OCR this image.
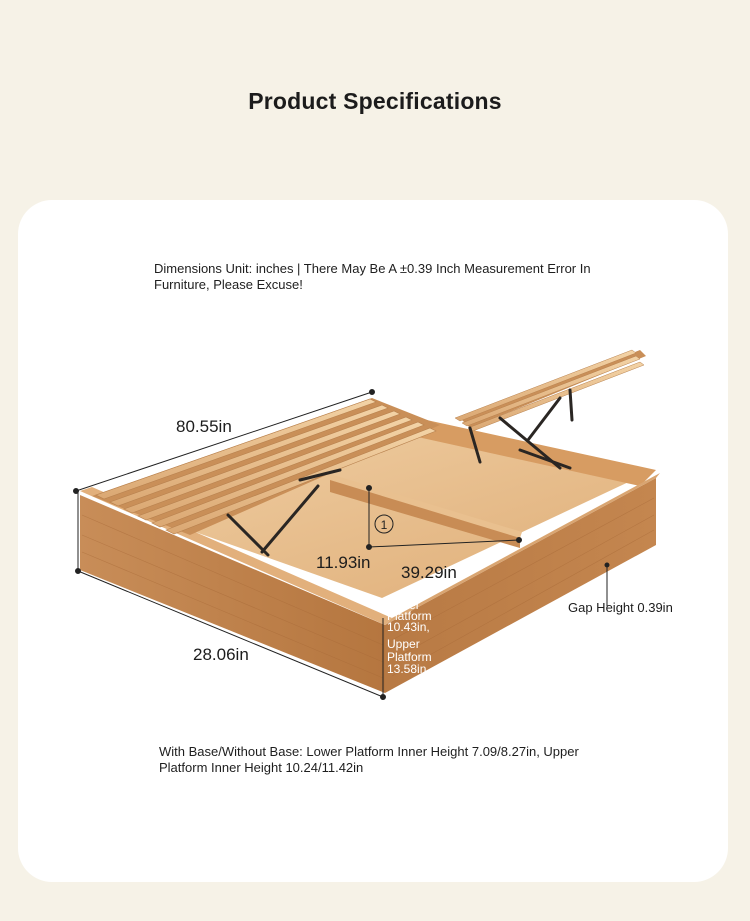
Product Specifications
Dimensions Unit: inches | There May Be A ±0.39 Inch Measurement Error In Furniture, Please Excuse!
With Base/Without Base: Lower Platform Inner Height 7.09/8.27in, Upper Platform Inner Height 10.24/11.42in
1
80.55in
28.06in
11.93in
39.29in
Gap Height 0.39in
Lower
Platform
10.43in,
Upper
Platform
13.58in
